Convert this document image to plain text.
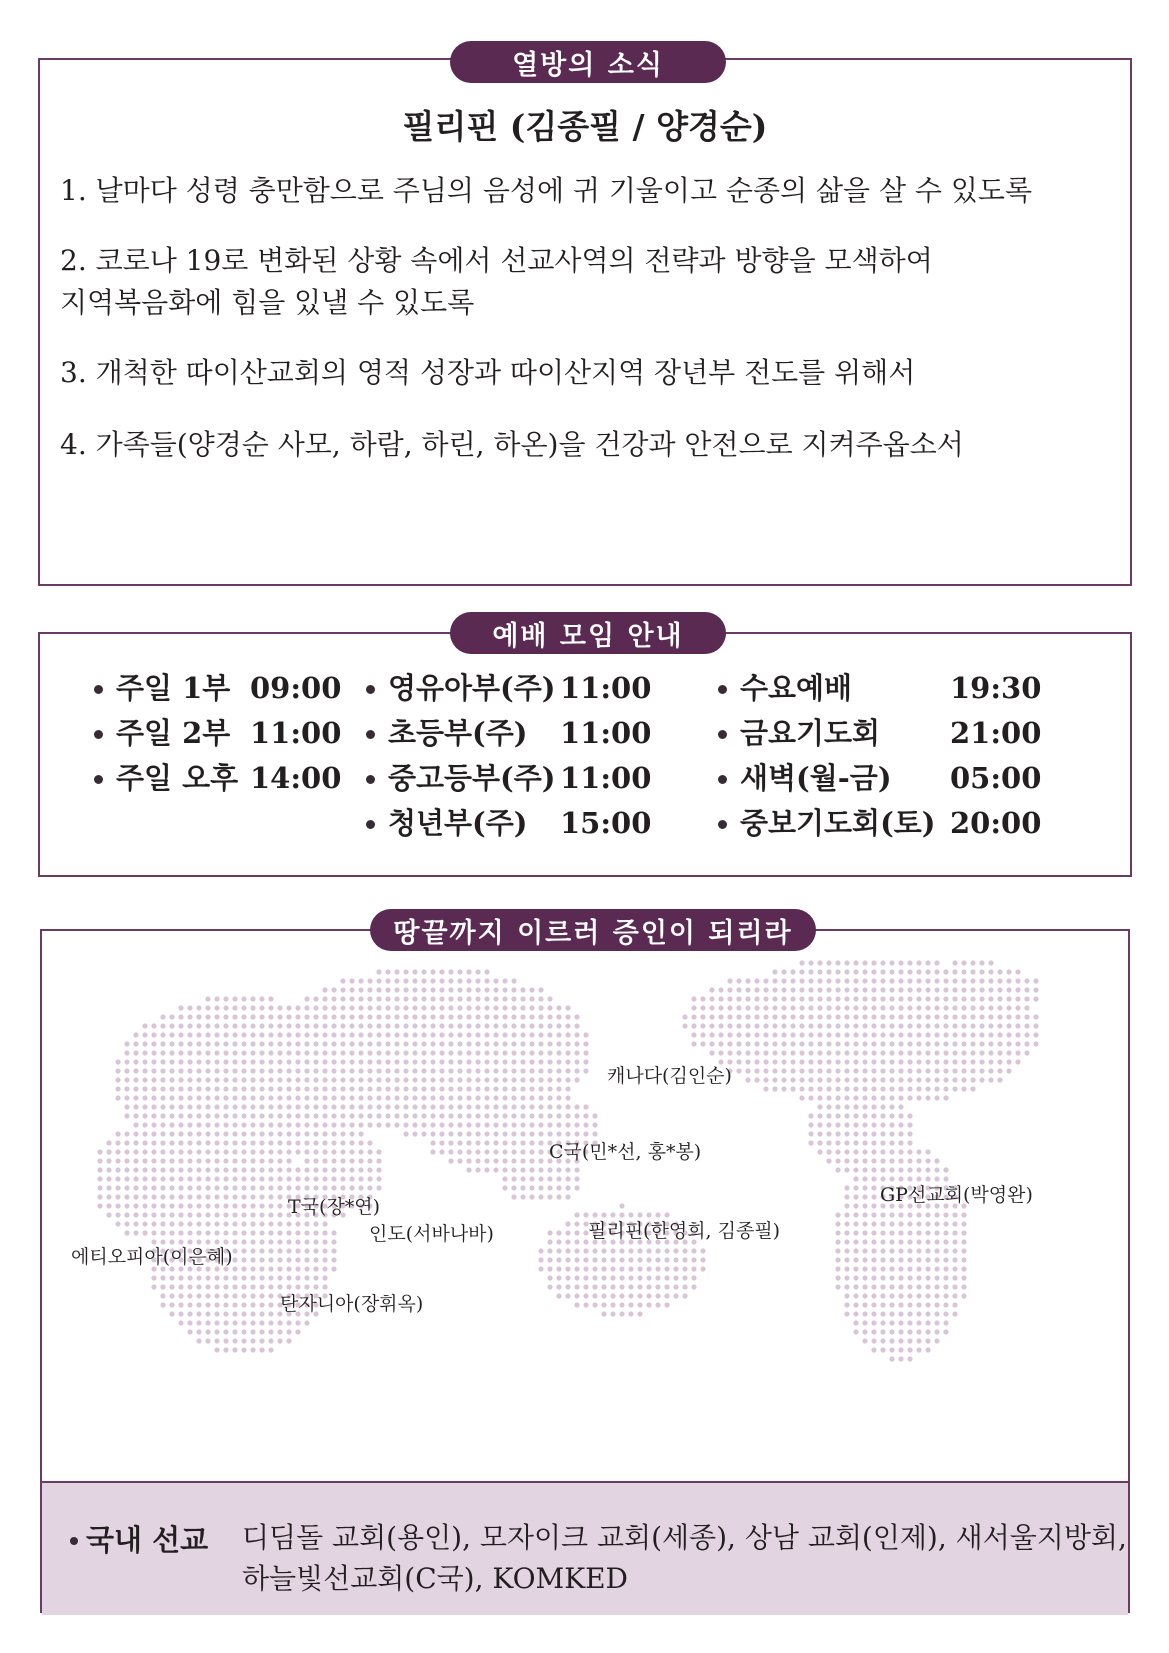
필리핀 (김종필 / 양경순)
1. 날마다 성령 충만함으로 주님의 음성에 귀 기울이고 순종의 삶을 살 수 있도록
2. 코로나 19로 변화된 상황 속에서 선교사역의 전략과 방향을 모색하여
지역복음화에 힘을 있낼 수 있도록
3. 개척한 따이산교회의 영적 성장과 따이산지역 장년부 전도를 위해서
4. 가족들(양경순 사모, 하람, 하린, 하온)을 건강과 안전으로 지켜주옵소서
열방의 소식
주일 1부 09:00
주일 2부 11:00
주일 오후 14:00
영유아부(주) 11:00
초등부(주) 11:00
중고등부(주) 11:00
청년부(주) 15:00
수요예배	19:30
금요기도회 21:00
새벽(월-금) 05:00
중보기도회(토) 20:00
예배 모임 안내
캐나다(김인순)
C국(민*선, 홍*봉)
GP선교회(박영완)
T국(장*연)
인도(서바나바)	필리핀(한영희, 김종필)
에티오피아(이은혜)
탄자니아(장휘옥)
국내 선교 디딤돌 교회(용인), 모자이크 교회(세종), 상남 교회(인제), 새서울지방회,
하늘빛선교회(C국), KOMKED
땅끝까지 이르러 증인이 되리라
